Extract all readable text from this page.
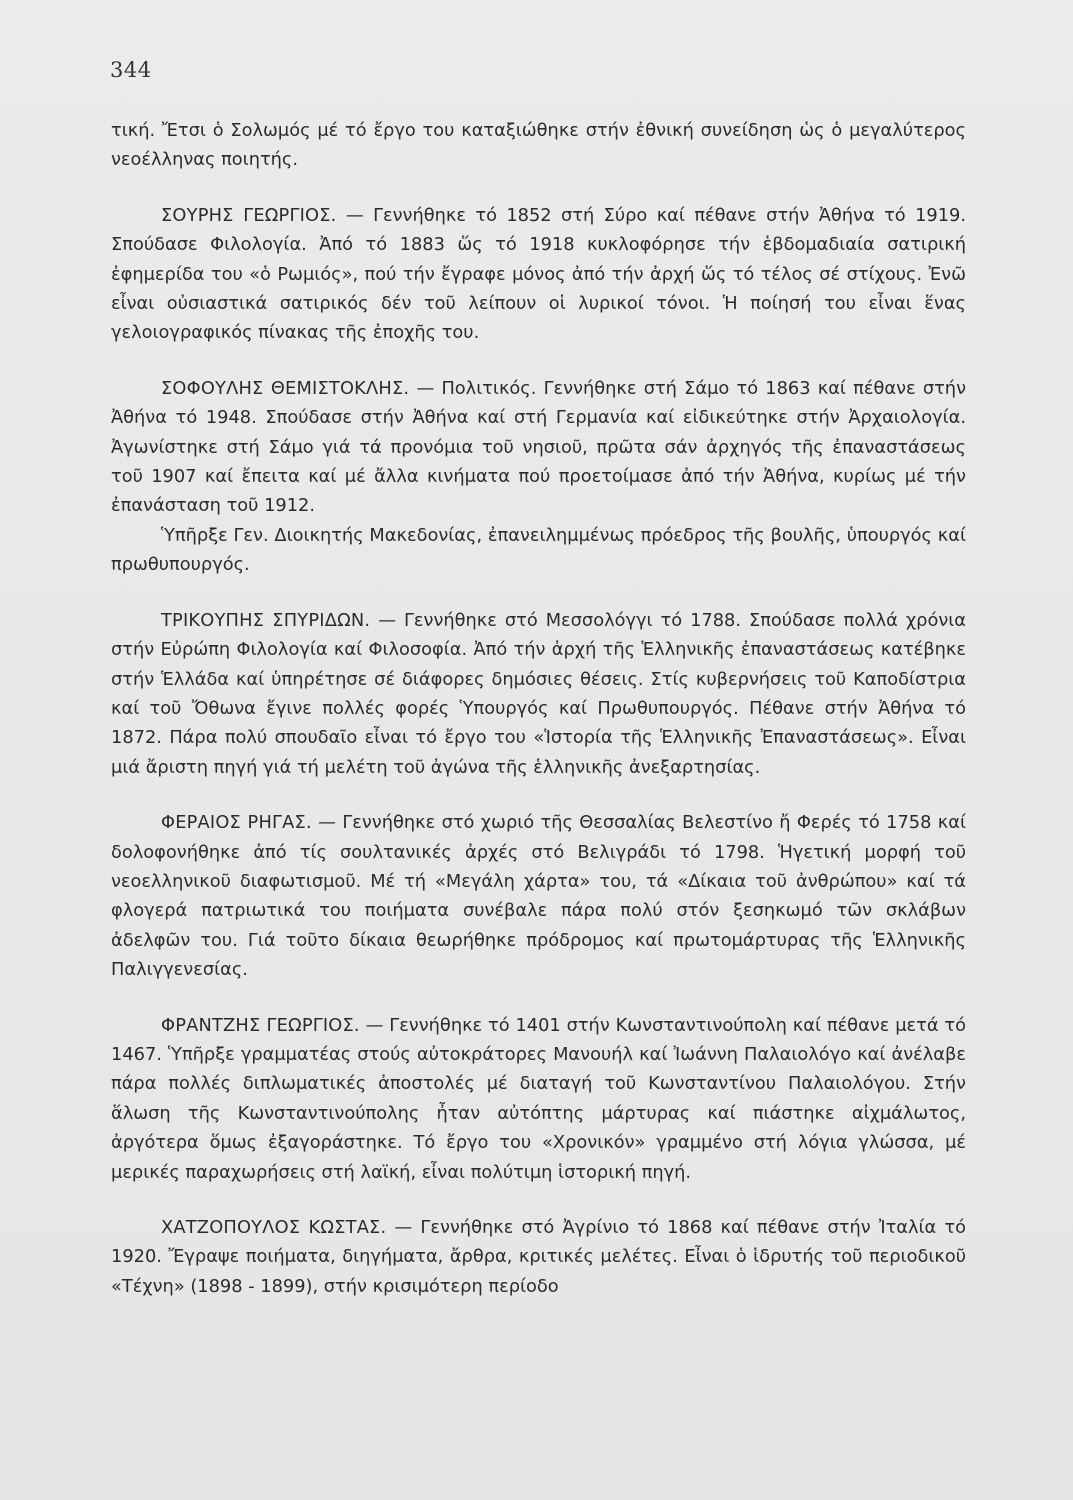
344

τική. Ἔτσι ὁ Σολωμός μέ τό ἔργο του καταξιώθηκε στήν ἐθνική συνείδηση ὡς ὁ μεγαλύτερος νεοέλληνας ποιητής.

ΣΟΥΡΗΣ ΓΕΩΡΓΙΟΣ. — Γεννήθηκε τό 1852 στή Σύρο καί πέθανε στήν Ἀθήνα τό 1919. Σπούδασε Φιλολογία. Ἀπό τό 1883 ὥς τό 1918 κυκλοφόρησε τήν ἑβδομαδιαία σατιρική ἐφημερίδα του «ὁ Ρωμιός», πού τήν ἔγραφε μόνος ἀπό τήν ἀρχή ὥς τό τέλος σέ στίχους. Ἐνῶ εἶναι οὐσιαστικά σατιρικός δέν τοῦ λείπουν οἱ λυρικοί τόνοι. Ἡ ποίησή του εἶναι ἕνας γελοιογραφικός πίνακας τῆς ἐποχῆς του.

ΣΟΦΟΥΛΗΣ ΘΕΜΙΣΤΟΚΛΗΣ. — Πολιτικός. Γεννήθηκε στή Σάμο τό 1863 καί πέθανε στήν Ἀθήνα τό 1948. Σπούδασε στήν Ἀθήνα καί στή Γερμανία καί εἰδικεύτηκε στήν Ἀρχαιολογία. Ἀγωνίστηκε στή Σάμο γιά τά προνόμια τοῦ νησιοῦ, πρῶτα σάν ἀρχηγός τῆς ἐπαναστάσεως τοῦ 1907 καί ἔπειτα καί μέ ἄλλα κινήματα πού προετοίμασε ἀπό τήν Ἀθήνα, κυρίως μέ τήν ἐπανάσταση τοῦ 1912.

Ὑπῆρξε Γεν. Διοικητής Μακεδονίας, ἐπανειλημμένως πρόεδρος τῆς βουλῆς, ὑπουργός καί πρωθυπουργός.

ΤΡΙΚΟΥΠΗΣ ΣΠΥΡΙΔΩΝ. — Γεννήθηκε στό Μεσσολόγγι τό 1788. Σπούδασε πολλά χρόνια στήν Εὐρώπη Φιλολογία καί Φιλοσοφία. Ἀπό τήν ἀρχή τῆς Ἑλληνικῆς ἐπαναστάσεως κατέβηκε στήν Ἑλλάδα καί ὑπηρέτησε σέ διάφορες δημόσιες θέσεις. Στίς κυβερνήσεις τοῦ Καποδίστρια καί τοῦ Ὄθωνα ἔγινε πολλές φορές Ὑπουργός καί Πρωθυπουργός. Πέθανε στήν Ἀθήνα τό 1872. Πάρα πολύ σπουδαῖο εἶναι τό ἔργο του «Ἱστορία τῆς Ἑλληνικῆς Ἐπαναστάσεως». Εἶναι μιά ἄριστη πηγή γιά τή μελέτη τοῦ ἀγώνα τῆς ἑλληνικῆς ἀνεξαρτησίας.

ΦΕΡΑΙΟΣ ΡΗΓΑΣ. — Γεννήθηκε στό χωριό τῆς Θεσσαλίας Βελεστίνο ἤ Φερές τό 1758 καί δολοφονήθηκε ἀπό τίς σουλτανικές ἀρχές στό Βελιγράδι τό 1798. Ἡγετική μορφή τοῦ νεοελληνικοῦ διαφωτισμοῦ. Μέ τή «Μεγάλη χάρτα» του, τά «Δίκαια τοῦ ἀνθρώπου» καί τά φλογερά πατριωτικά του ποιήματα συνέβαλε πάρα πολύ στόν ξεσηκωμό τῶν σκλάβων ἀδελφῶν του. Γιά τοῦτο δίκαια θεωρήθηκε πρόδρομος καί πρωτομάρτυρας τῆς Ἑλληνικῆς Παλιγγενεσίας.

ΦΡΑΝΤΖΗΣ ΓΕΩΡΓΙΟΣ. — Γεννήθηκε τό 1401 στήν Κωνσταντινούπολη καί πέθανε μετά τό 1467. Ὑπῆρξε γραμματέας στούς αὐτοκράτορες Μανουήλ καί Ἰωάννη Παλαιολόγο καί ἀνέλαβε πάρα πολλές διπλωματικές ἀποστολές μέ διαταγή τοῦ Κωνσταντίνου Παλαιολόγου. Στήν ἅλωση τῆς Κωνσταντινούπολης ἦταν αὐτόπτης μάρτυρας καί πιάστηκε αἰχμάλωτος, ἀργότερα ὅμως ἐξαγοράστηκε. Τό ἔργο του «Χρονικόν» γραμμένο στή λόγια γλώσσα, μέ μερικές παραχωρήσεις στή λαϊκή, εἶναι πολύτιμη ἱστορική πηγή.

ΧΑΤΖΟΠΟΥΛΟΣ ΚΩΣΤΑΣ. — Γεννήθηκε στό Ἀγρίνιο τό 1868 καί πέθανε στήν Ἰταλία τό 1920. Ἔγραψε ποιήματα, διηγήματα, ἄρθρα, κριτικές μελέτες. Εἶναι ὁ ἱδρυτής τοῦ περιοδικοῦ «Τέχνη» (1898 - 1899), στήν κρισιμότερη περίοδο
